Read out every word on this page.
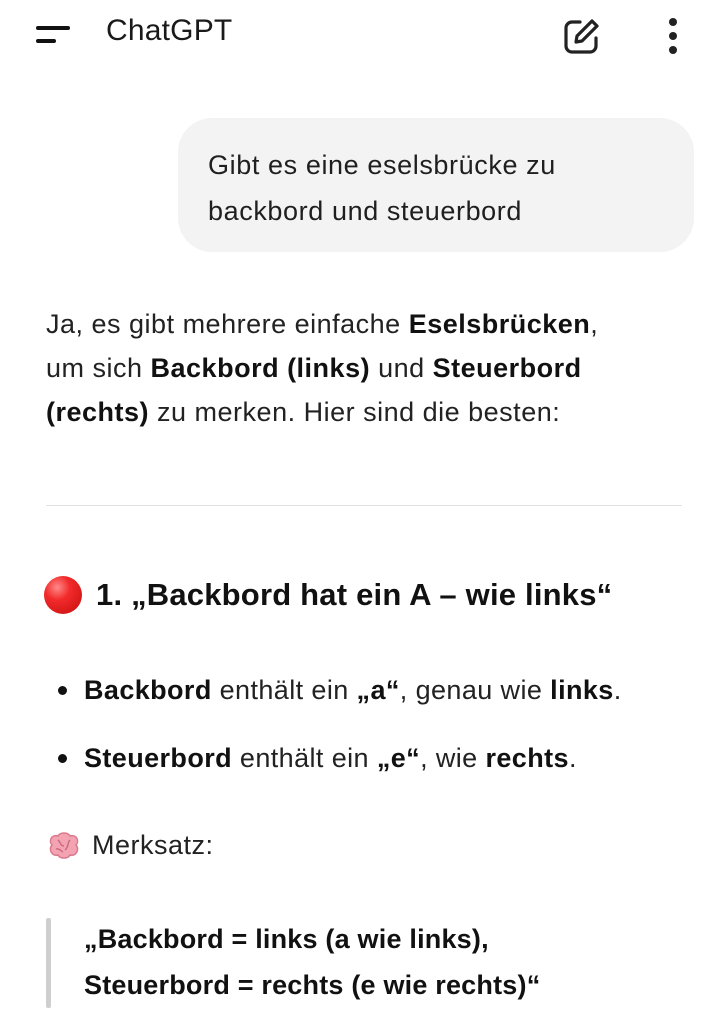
ChatGPT
Gibt es eine eselsbrücke zu
backbord und steuerbord
Ja, es gibt mehrere einfache Eselsbrücken,
um sich Backbord (links) und Steuerbord
(rechts) zu merken. Hier sind die besten:
1. „Backbord hat ein A – wie links“
Backbord enthält ein „a“, genau wie links.
Steuerbord enthält ein „e“, wie rechts.
Merksatz:
„Backbord = links (a wie links),
Steuerbord = rechts (e wie rechts)“
